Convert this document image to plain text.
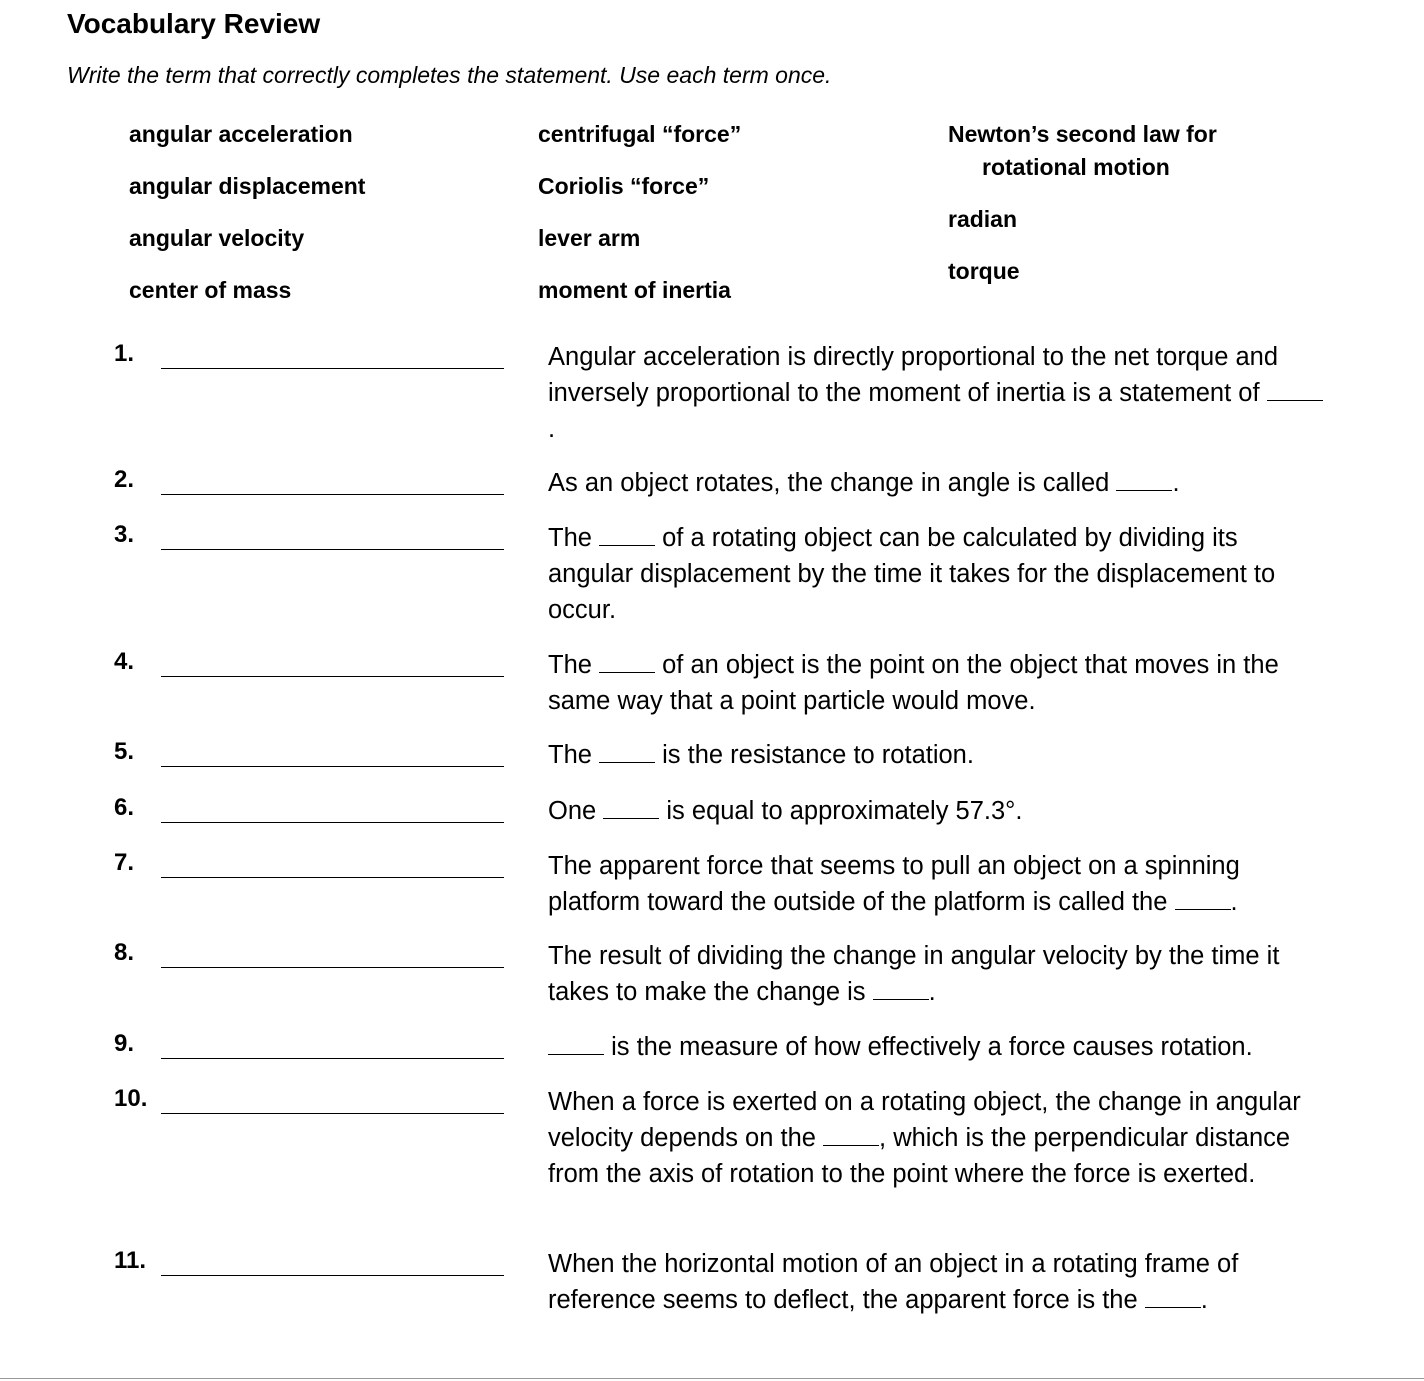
Vocabulary Review
Write the term that correctly completes the statement. Use each term once.
angular acceleration
angular displacement
angular velocity
center of mass
centrifugal “force”
Coriolis “force”
lever arm
moment of inertia
Newton’s second law for
rotational motion
radian
torque
1.	Angular acceleration is directly proportional to the net torque and inversely proportional to the moment of inertia is a statement of .
2.	As an object rotates, the change in angle is called .
3.	The  of a rotating object can be calculated by dividing its angular displacement by the time it takes for the displacement to occur.
4.	The  of an object is the point on the object that moves in the same way that a point particle would move.
5.	The  is the resistance to rotation.
6.	One  is equal to approximately 57.3°.
7.	The apparent force that seems to pull an object on a spinning platform toward the outside of the platform is called the .
8.	The result of dividing the change in angular velocity by the time it takes to make the change is .
9.	is the measure of how effectively a force causes rotation.
10.	When a force is exerted on a rotating object, the change in angular velocity depends on the , which is the perpendicular distance from the axis of rotation to the point where the force is exerted.
11.	When the horizontal motion of an object in a rotating frame of reference seems to deflect, the apparent force is the .
